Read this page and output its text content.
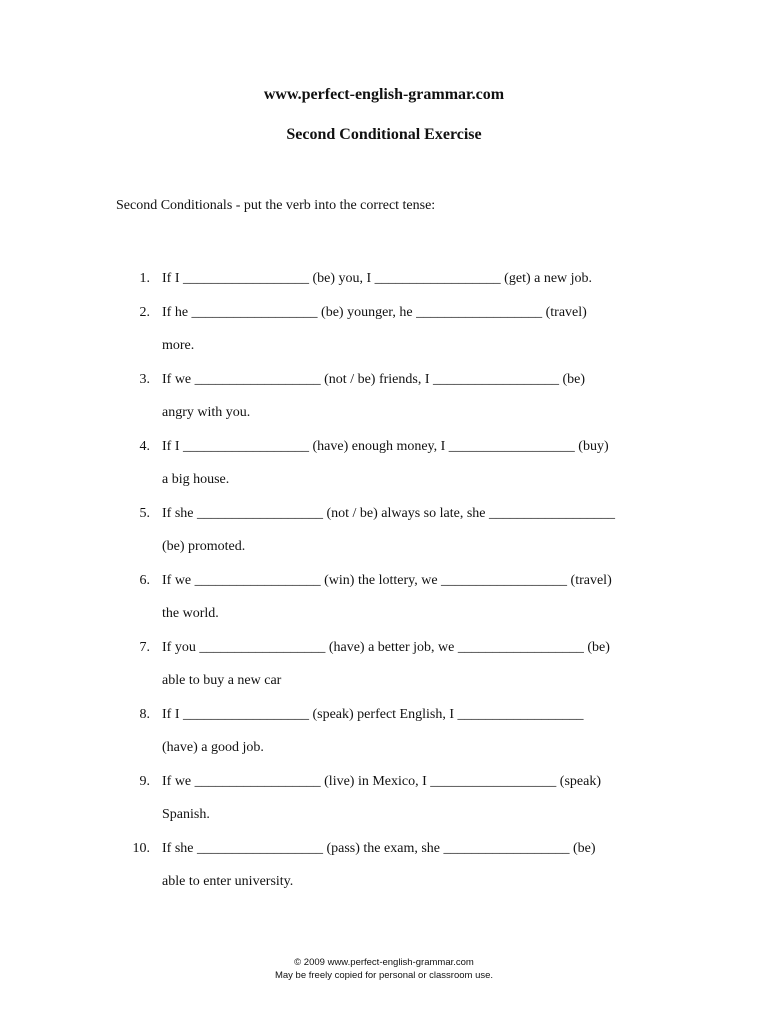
www.perfect-english-grammar.com
Second Conditional Exercise
Second Conditionals - put the verb into the correct tense:
1. If I __________________ (be) you, I __________________ (get) a new job.
2. If he __________________ (be) younger, he __________________ (travel)
more.
3. If we __________________ (not / be) friends, I __________________ (be)
angry with you.
4. If I __________________ (have) enough money, I __________________ (buy)
a big house.
5. If she __________________ (not / be) always so late, she __________________
(be) promoted.
6. If we __________________ (win) the lottery, we __________________ (travel)
the world.
7. If you __________________ (have) a better job, we __________________ (be)
able to buy a new car
8. If I __________________ (speak) perfect English, I __________________
(have) a good job.
9. If we __________________ (live) in Mexico, I __________________ (speak)
Spanish.
10. If she __________________ (pass) the exam, she __________________ (be)
able to enter university.
© 2009 www.perfect-english-grammar.com
May be freely copied for personal or classroom use.
